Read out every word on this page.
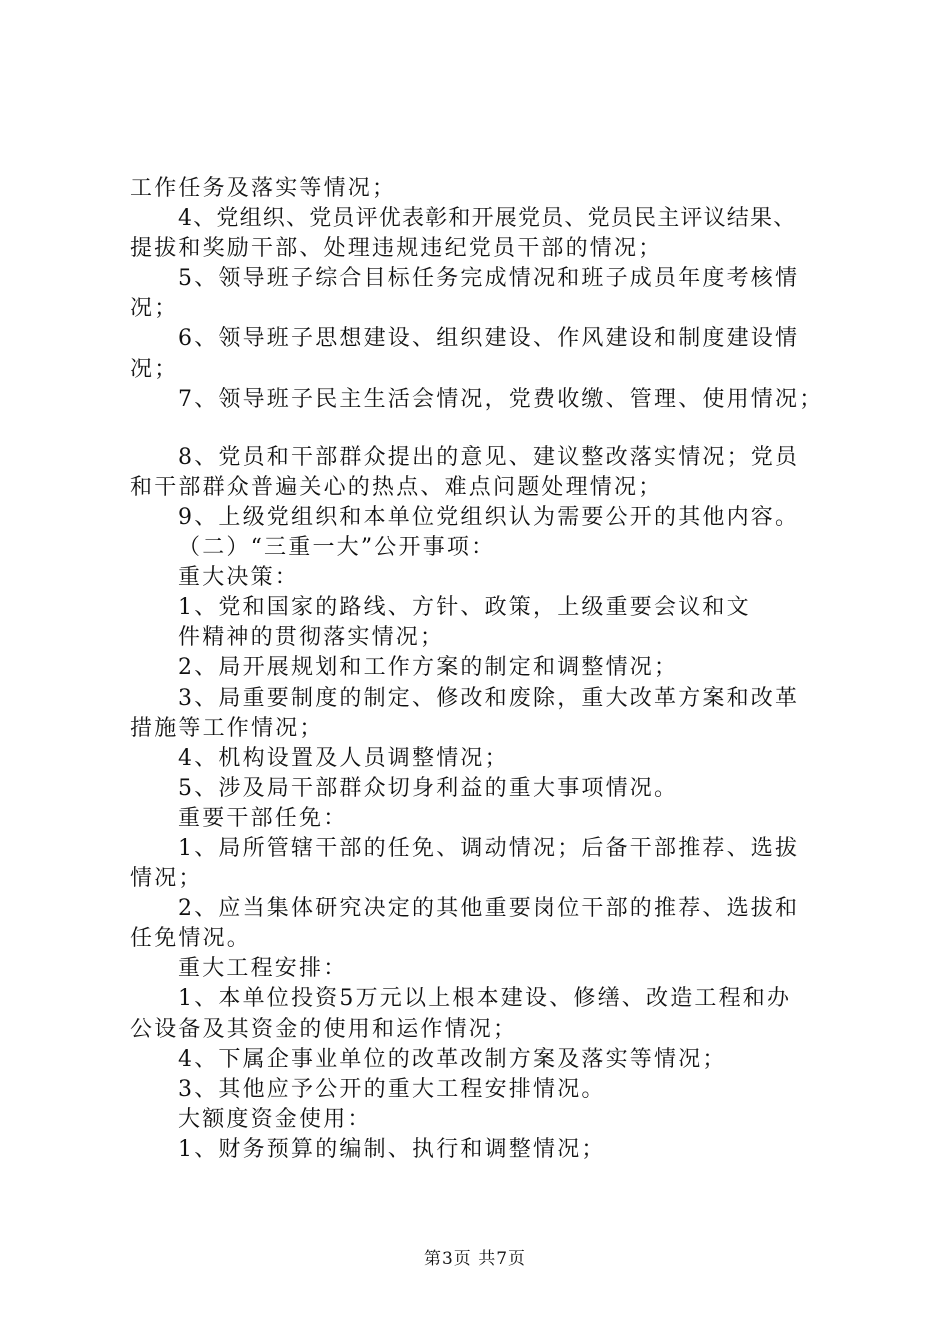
工作任务及落实等情况；
4、党组织、党员评优表彰和开展党员、党员民主评议结果、
提拔和奖励干部、处理违规违纪党员干部的情况；
5、领导班子综合目标任务完成情况和班子成员年度考核情
况；
6、领导班子思想建设、组织建设、作风建设和制度建设情
况；
7、领导班子民主生活会情况，党费收缴、管理、使用情况；
8、党员和干部群众提出的意见、建议整改落实情况；党员
和干部群众普遍关心的热点、难点问题处理情况；
9、上级党组织和本单位党组织认为需要公开的其他内容。
（二）“三重一大”公开事项：
重大决策：
1、党和国家的路线、方针、政策，上级重要会议和文
件精神的贯彻落实情况；
2、局开展规划和工作方案的制定和调整情况；
3、局重要制度的制定、修改和废除，重大改革方案和改革
措施等工作情况；
4、机构设置及人员调整情况；
5、涉及局干部群众切身利益的重大事项情况。
重要干部任免：
1、局所管辖干部的任免、调动情况；后备干部推荐、选拔
情况；
2、应当集体研究决定的其他重要岗位干部的推荐、选拔和
任免情况。
重大工程安排：
1、本单位投资5万元以上根本建设、修缮、改造工程和办
公设备及其资金的使用和运作情况；
4、下属企事业单位的改革改制方案及落实等情况；
3、其他应予公开的重大工程安排情况。
大额度资金使用：
1、财务预算的编制、执行和调整情况；
第3页 共7页
